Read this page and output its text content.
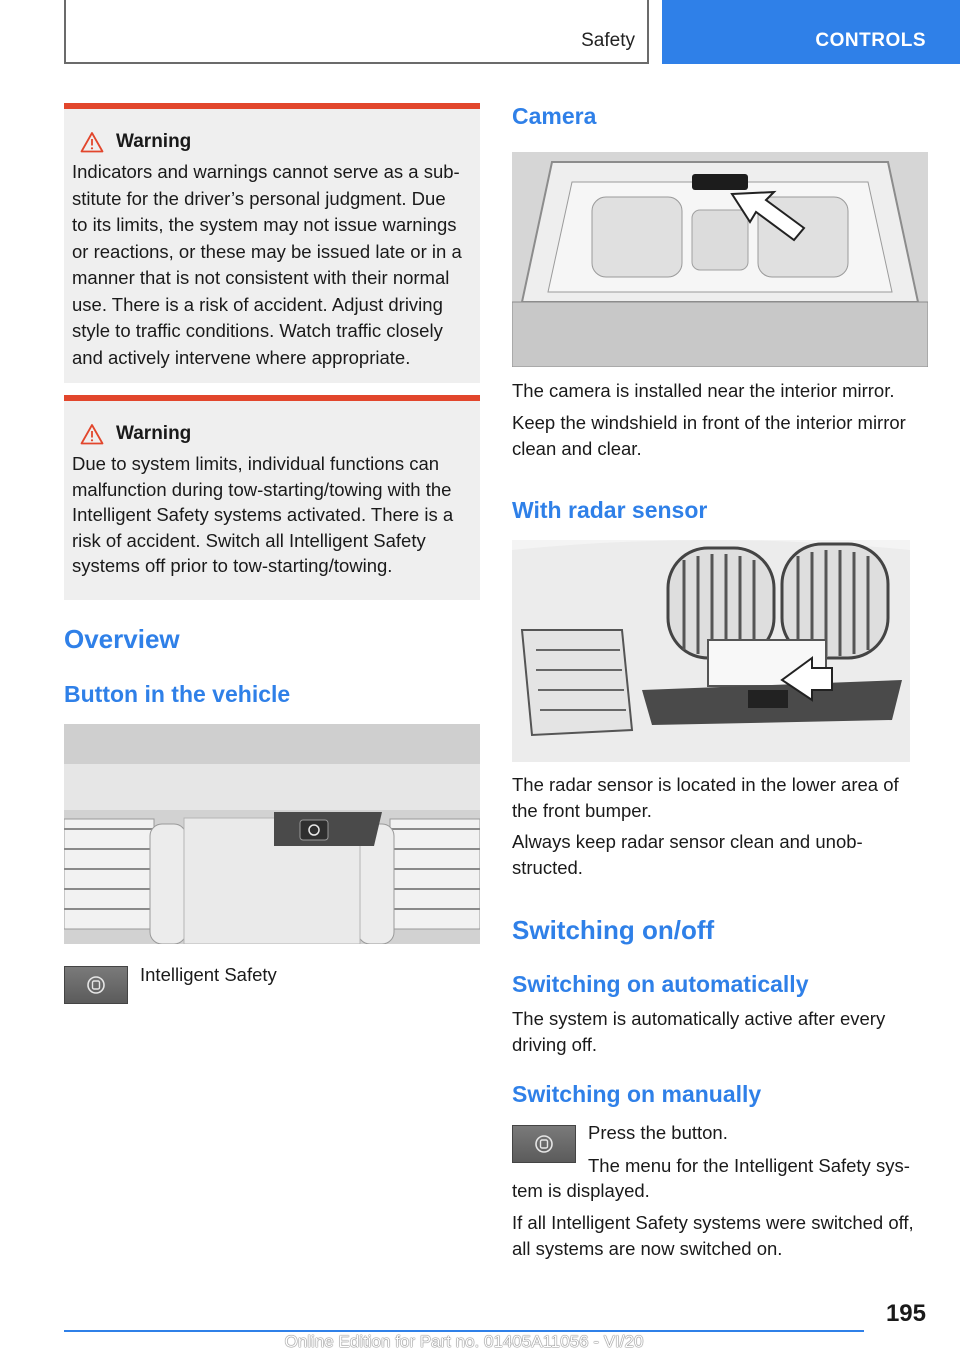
Safety	CONTROLS
Warning
Indicators and warnings cannot serve as a sub‐
stitute for the driver’s personal judgment. Due
to its limits, the system may not issue warnings
or reactions, or these may be issued late or in a
manner that is not consistent with their normal
use. There is a risk of accident. Adjust driving
style to traffic conditions. Watch traffic closely
and actively intervene where appropriate.
Warning
Due to system limits, individual functions can
malfunction during tow-starting/towing with the
Intelligent Safety systems activated. There is a
risk of accident. Switch all Intelligent Safety
systems off prior to tow-starting/towing.
Overview
Button in the vehicle
Intelligent Safety
Camera
The camera is installed near the interior mirror.
Keep the windshield in front of the interior mirror
clean and clear.
With radar sensor
The radar sensor is located in the lower area of
the front bumper.
Always keep radar sensor clean and unob‐
structed.
Switching on/off
Switching on automatically
The system is automatically active after every
driving off.
Switching on manually
Press the button.
The menu for the Intelligent Safety sys‐
tem is displayed.
If all Intelligent Safety systems were switched off,
all systems are now switched on.
195
Online Edition for Part no. 01405A11056 - VI/20
